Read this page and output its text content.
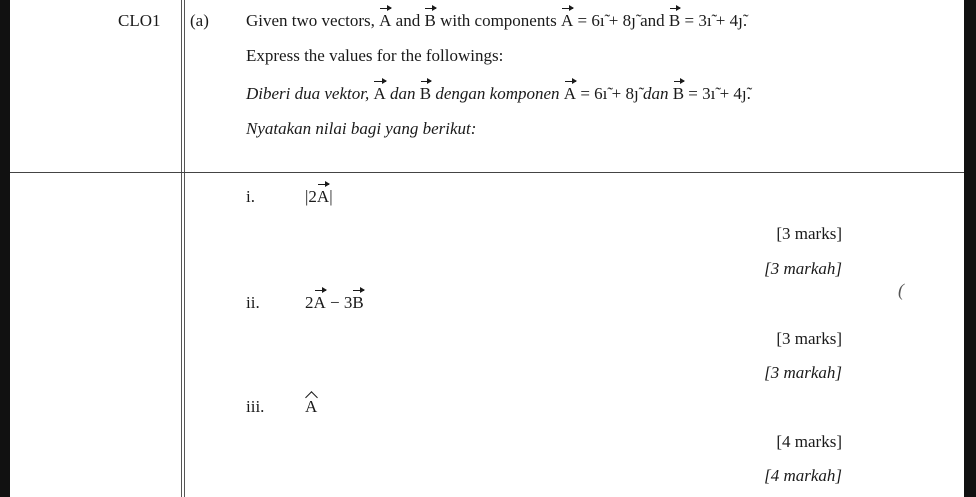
CLO1 (a) Given two vectors, A and B with components A = 6ı̃ + 8ȷ̃ and B = 3ı̃ + 4ȷ̃.
Express the values for the followings:
Diberi dua vektor, A dan B dengan komponen A = 6ı̃ + 8ȷ̃ dan B = 3ı̃ + 4ȷ̃.
Nyatakan nilai bagi yang berikut:
i.	|2A|
[3 marks]
[3 markah]
ii.	2A − 3B
[3 marks]
[3 markah]
iii. A
[4 marks]
[4 markah]
(
